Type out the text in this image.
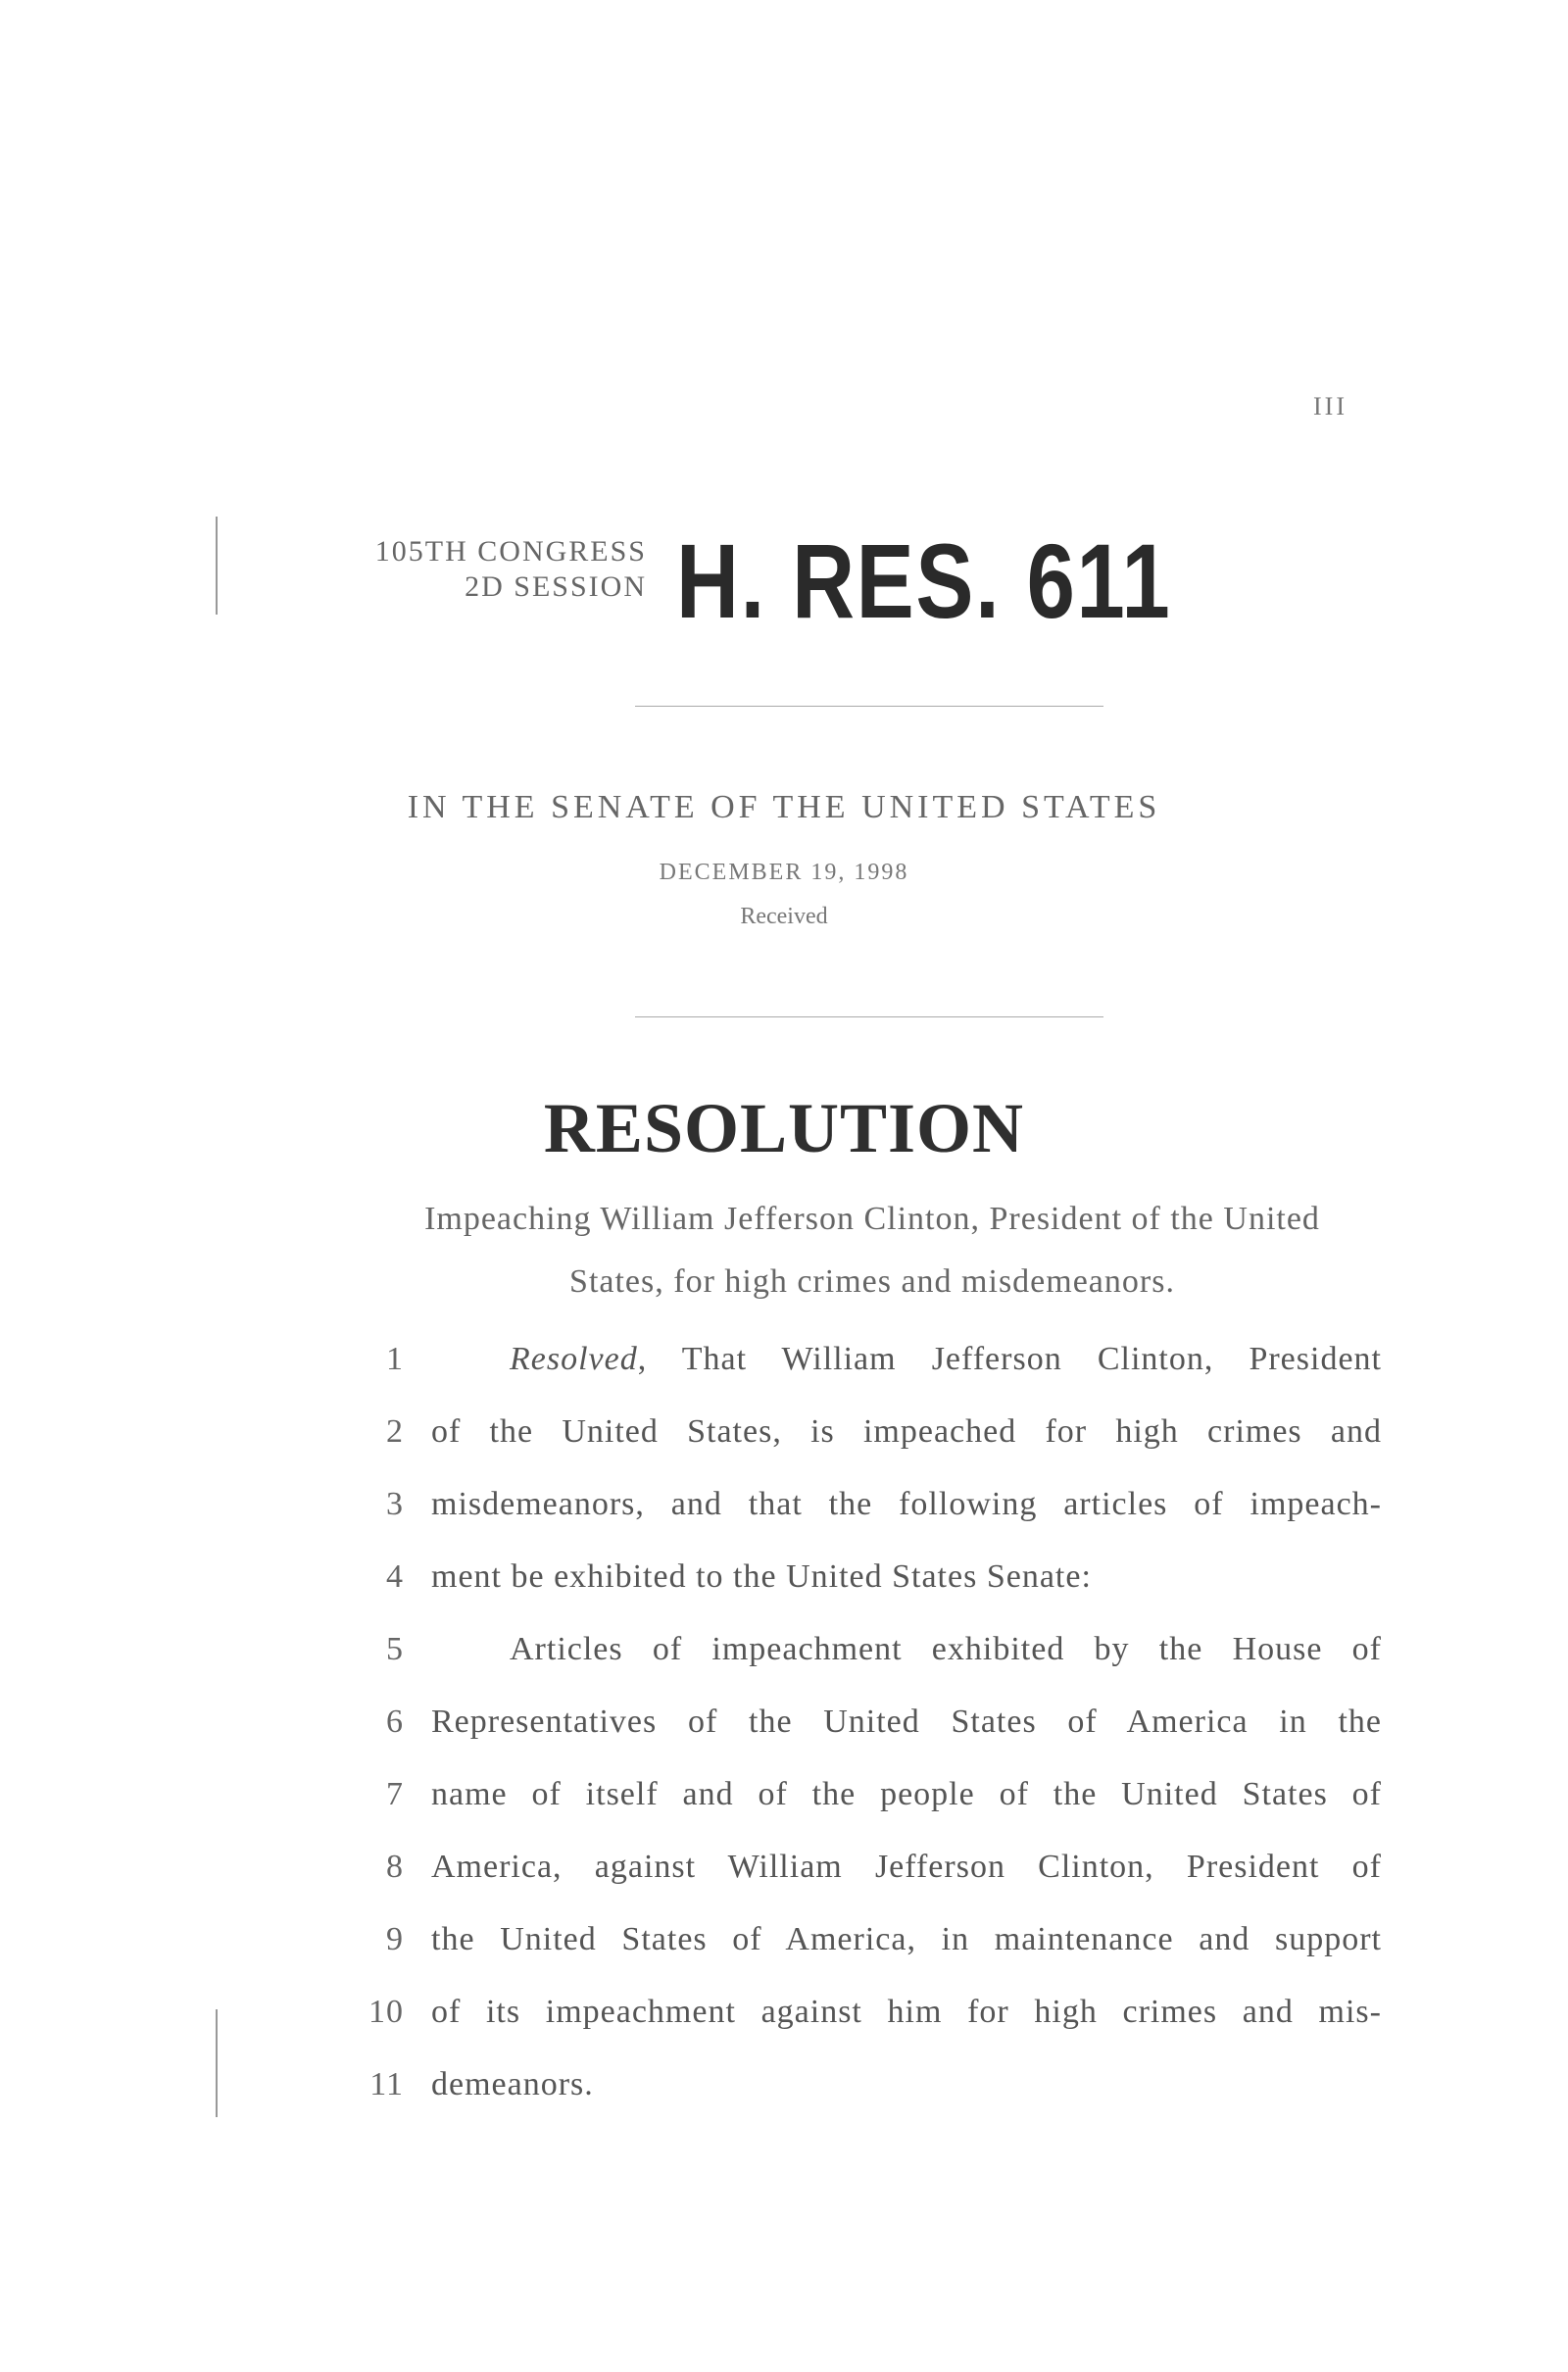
III
105TH CONGRESS
2D SESSION H. RES. 611
IN THE SENATE OF THE UNITED STATES
DECEMBER 19, 1998
Received
RESOLUTION
Impeaching William Jefferson Clinton, President of the United States, for high crimes and misdemeanors.
1	Resolved, That William Jefferson Clinton, President
2 of the United States, is impeached for high crimes and
3 misdemeanors, and that the following articles of impeach-
4 ment be exhibited to the United States Senate:
5	Articles of impeachment exhibited by the House of
6 Representatives of the United States of America in the
7 name of itself and of the people of the United States of
8 America, against William Jefferson Clinton, President of
9 the United States of America, in maintenance and support
10 of its impeachment against him for high crimes and mis-
11 demeanors.
